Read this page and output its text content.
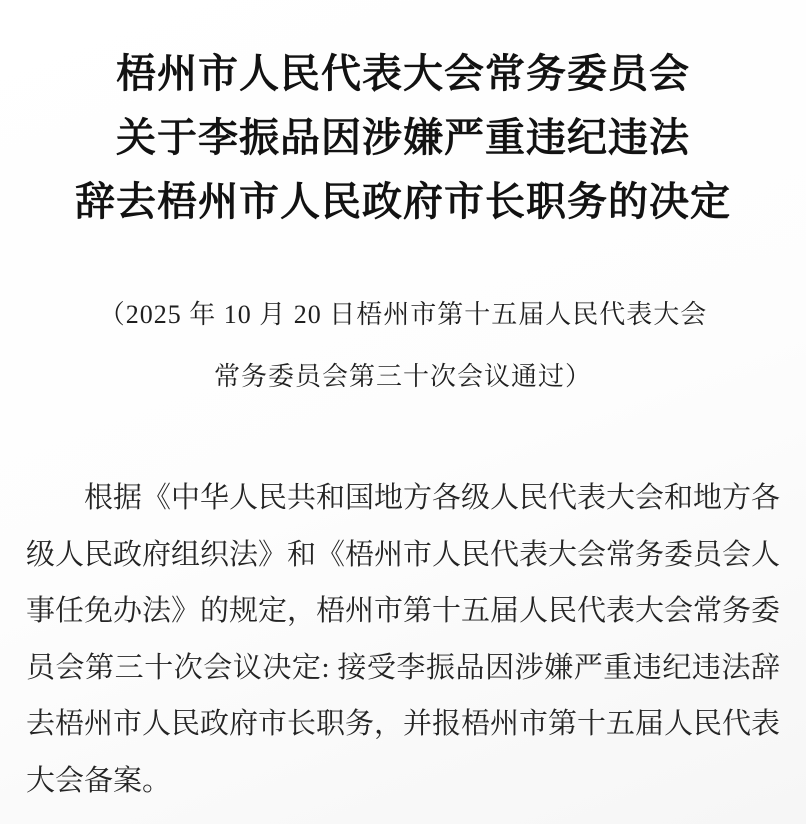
梧州市人民代表大会常务委员会
关于李振品因涉嫌严重违纪违法
辞去梧州市人民政府市长职务的决定
（2025 年 10 月 20 日梧州市第十五届人民代表大会
常务委员会第三十次会议通过）
根据《中华人民共和国地方各级人民代表大会和地方各
级人民政府组织法》和《梧州市人民代表大会常务委员会人
事任免办法》的规定，梧州市第十五届人民代表大会常务委
员会第三十次会议决定: 接受李振品因涉嫌严重违纪违法辞
去梧州市人民政府市长职务，并报梧州市第十五届人民代表
大会备案。
